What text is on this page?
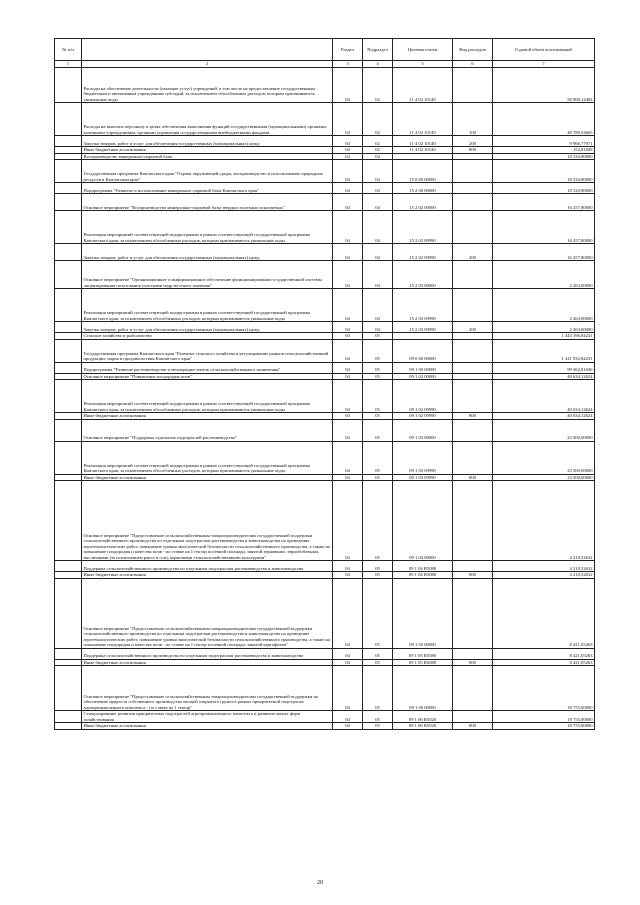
№ п/п		Раздел	Подраздел	Целевая статья	Вид расходов	Годовой объем ассигнований
1	2	3	4	5	6	7
	Расходы на обеспечение деятельности (оказание услуг) учреждений, в том числе на предоставление государственным бюджетным и автономным учреждениям субсидий, за исключением обособленных расходов, которым присваиваются уникальные коды	04	02	11 4 02 10140		58 900,14484
	Расходы на выплаты персоналу в целях обеспечения выполнения функций государственными (муниципальными) органами, казенными учреждениями, органами управления государственными внебюджетными фондами	04	02	11 4 02 10140	100	48 780,54665
	Закупка товаров, работ и услуг для обеспечения государственных (муниципальных) нужд	04	02	11 4 02 10140	200	9 966,77971
	Иные бюджетные ассигнования	04	02	11 4 02 10140	800	152,81848
	Воспроизводство минерально-сырьевой базы	04	04			18 520,80000
	Государственная программа Камчатского края "Охрана окружающей среды, воспроизводство и использование природных ресурсов в Камчатском крае"	04	04	15 0 00 00000		18 520,80000
	Подпрограмма "Развитие и использование минерально-сырьевой базы Камчатского края"	04	04	15 2 00 00000		18 520,80000
	Основное мероприятие "Воспроизводство минерально-сырьевой базы твердых полезных ископаемых"	04	04	15 2 02 00000		16 257,80000
	Реализация мероприятий соответствующей подпрограммы в рамках соответствующей государственной программы Камчатского края, за исключением обособленных расходов, которым присваиваются уникальные коды	04	04	15 2 02 09990		16 257,80000
	Закупка товаров, работ и услуг для обеспечения государственных (муниципальных) нужд	04	04	15 2 02 09990	200	16 257,80000
	Основное мероприятие "Организационное и информационное обеспечение функционирования государственной системы лицензирования пользования участками недр местного значения"	04	04	15 2 03 00000		2 263,00000
	Реализация мероприятий соответствующей подпрограммы в рамках соответствующей государственной программы Камчатского края, за исключением обособленных расходов, которым присваиваются уникальные коды	04	04	15 2 03 09990		2 263,00000
	Закупка товаров, работ и услуг для обеспечения государственных (муниципальных) нужд	04	04	15 2 03 09990	200	2 263,00000
	Сельское хозяйство и рыболовство	04	05			1 443 196,84231
	Государственная программа Камчатского края "Развитие сельского хозяйства и регулирование рынков сельскохозяйственной продукции, сырья и продовольствия Камчатского края"	04	05	09 0 00 00000		1 341 932,84231
	Подпрограмма "Развитие растениеводства и мелиорации земель сельскохозяйственного назначения"	04	05	09 1 00 00000		99 362,81046
	Основное мероприятие "Повышение плодородия почв"	04	05	09 1 02 00000		40 634,12624
	Реализация мероприятий соответствующей подпрограммы в рамках соответствующей государственной программы Камчатского края, за исключением обособленных расходов, которым присваиваются уникальные коды	04	05	09 1 02 09990		40 634,12624
	Иные бюджетные ассигнования	04	05	09 1 02 09990	800	40 634,12624
	Основное мероприятие "Поддержка отдельных подотраслей растениеводства"	04	05	09 1 03 00000		23 500,00000
	Реализация мероприятий соответствующей подпрограммы в рамках соответствующей государственной программы Камчатского края, за исключением обособленных расходов, которым присваиваются уникальные коды	04	05	09 1 03 09990		23 500,00000
	Иные бюджетные ассигнования	04	05	09 1 03 09990	800	23 500,00000
	Основное мероприятие "Предоставление сельскохозяйственным товаропроизводителям государственной поддержки сельскохозяйственного производства по отдельным подотраслям растениеводства и животноводства на проведение агротехнологических работ, повышение уровня экологической безопасности сельскохозяйственного производства, а также на повышение плодородия и качества почв - по ставке на 1 гектар посевной площади, занятой зерновыми, зернобобовыми, масличными (за исключением рапса и сои), кормовыми сельскохозяйственными культурами"	04	05	09 1 04 00000		4 210,52632
	Поддержка сельскохозяйственного производства по отдельным подотраслям растениеводства и животноводства	04	05	09 1 04 R5080		4 210,52632
	Иные бюджетные ассигнования	04	05	09 1 04 R5080	800	4 210,52632
	Основное мероприятие "Предоставление сельскохозяйственным товаропроизводителям государственной поддержки сельскохозяйственного производства по отдельным подотраслям растениеводства и животноводства на проведение агротехнологических работ, повышение уровня экологической безопасности сельскохозяйственного производства, а также на повышение плодородия и качества почв - по ставке на 1 гектар посевной площади, занятой картофелем"	04	05	09 1 05 00000		8 421,05263
	Поддержка сельскохозяйственного производства по отдельным подотраслям растениеводства и животноводства	04	05	09 1 05 R5080		8 421,05263
	Иные бюджетные ассигнования	04	05	09 1 05 R5080	800	8 421,05263
	Основное мероприятие "Предоставление сельскохозяйственным товаропроизводителям государственной поддержки на обеспечение прироста собственного производства овощей открытого грунта в рамках приоритетной подотрасли агропромышленного комплекса - по ставке на 1 гектар"	04	05	09 1 06 00000		18 755,00000
	Стимулирование развития приоритетных подотраслей агропромышленного комплекса и развитие малых форм хозяйствования	04	05	09 1 06 R5020		18 755,00000
	Иные бюджетные ассигнования	04	05	09 1 06 R5020	800	18 755,00000
20
